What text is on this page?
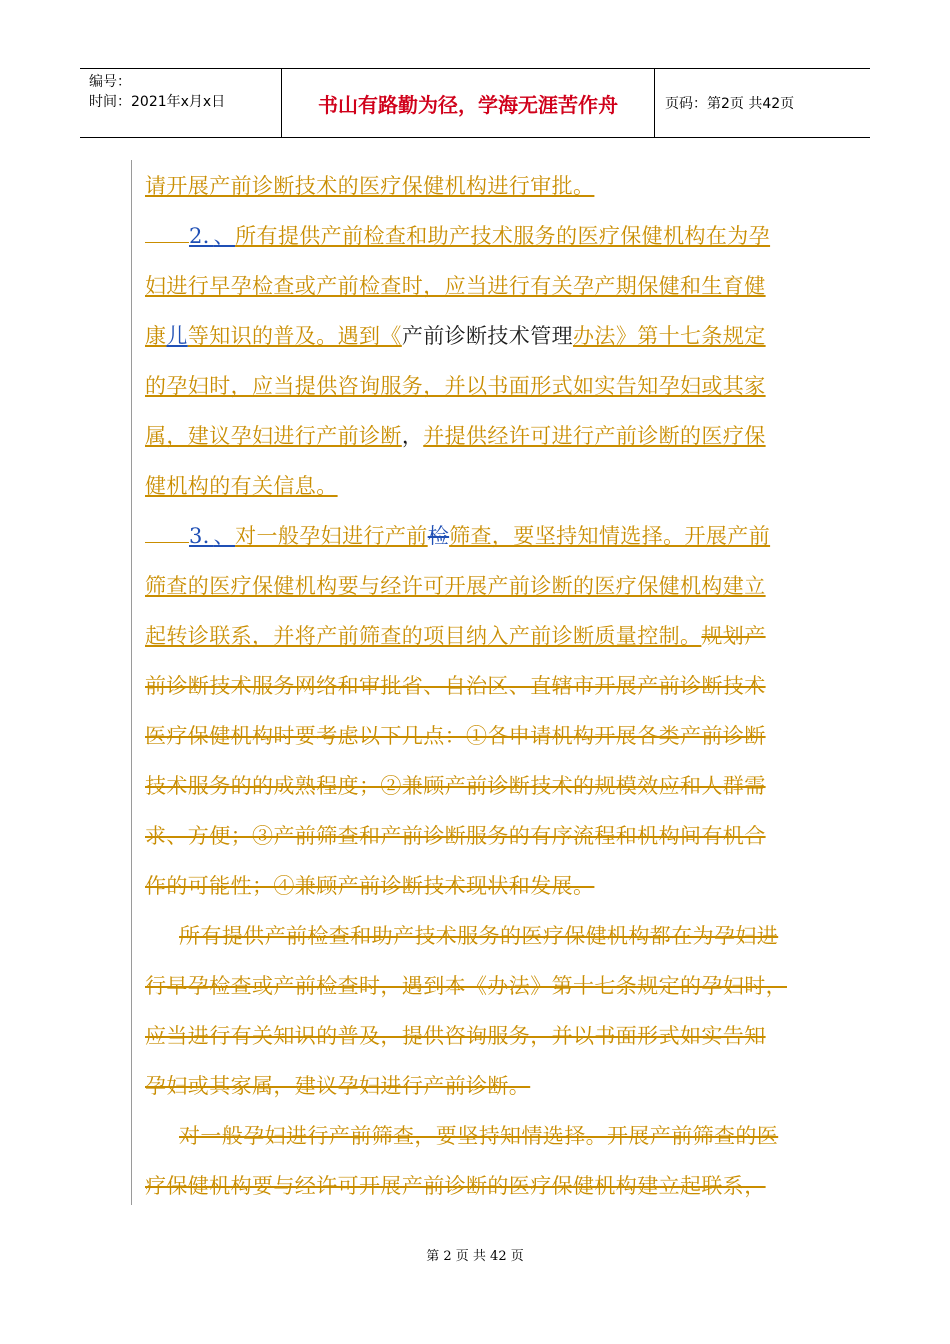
编号：
时间：2021年x月x日	书山有路勤为径，学海无涯苦作舟	页码：第2页 共42页
请开展产前诊断技术的医疗保健机构进行审批。
2．、所有提供产前检查和助产技术服务的医疗保健机构在为孕
妇进行早孕检查或产前检查时，应当进行有关孕产期保健和生育健
康儿等知识的普及。遇到《产前诊断技术管理办法》第十七条规定
的孕妇时，应当提供咨询服务，并以书面形式如实告知孕妇或其家
属，建议孕妇进行产前诊断，并提供经许可进行产前诊断的医疗保
健机构的有关信息。
3．、对一般孕妇进行产前检筛查，要坚持知情选择。开展产前
筛查的医疗保健机构要与经许可开展产前诊断的医疗保健机构建立
起转诊联系，并将产前筛查的项目纳入产前诊断质量控制。规划产
前诊断技术服务网络和审批省、自治区、直辖市开展产前诊断技术
医疗保健机构时要考虑以下几点：①各申请机构开展各类产前诊断
技术服务的的成熟程度；②兼顾产前诊断技术的规模效应和人群需
求、方便；③产前筛查和产前诊断服务的有序流程和机构间有机合
作的可能性；④兼顾产前诊断技术现状和发展。
所有提供产前检查和助产技术服务的医疗保健机构都在为孕妇进
行早孕检查或产前检查时，遇到本《办法》第十七条规定的孕妇时，
应当进行有关知识的普及，提供咨询服务，并以书面形式如实告知
孕妇或其家属，建议孕妇进行产前诊断。
对一般孕妇进行产前筛查，要坚持知情选择。开展产前筛查的医
疗保健机构要与经许可开展产前诊断的医疗保健机构建立起联系，
第 2 页 共 42 页
